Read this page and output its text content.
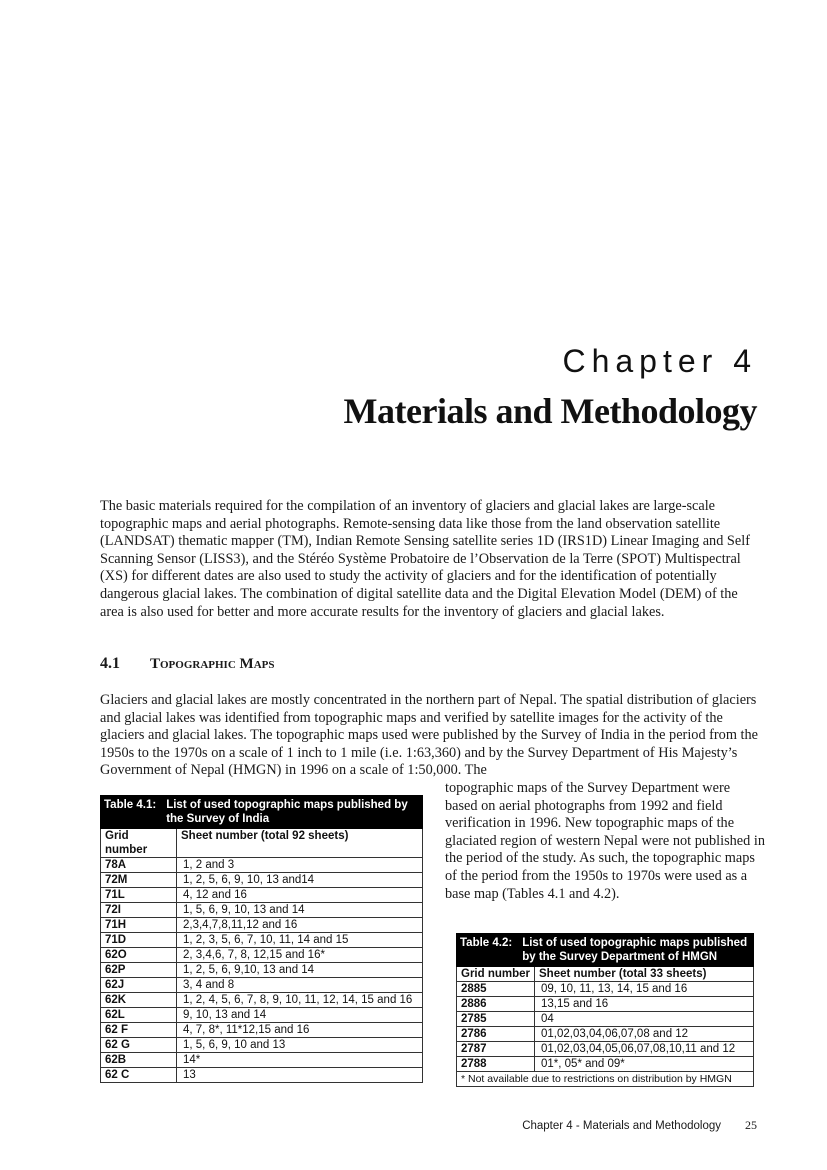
Chapter 4
Materials and Methodology

The basic materials required for the compilation of an inventory of glaciers and glacial lakes are large-scale topographic maps and aerial photographs. Remote-sensing data like those from the land observation satellite (LANDSAT) thematic mapper (TM), Indian Remote Sensing satellite series 1D (IRS1D) Linear Imaging and Self Scanning Sensor (LISS3), and the Stéréo Système Probatoire de l’Observation de la Terre (SPOT) Multispectral (XS) for different dates are also used to study the activity of glaciers and for the identification of potentially dangerous glacial lakes. The combination of digital satellite data and the Digital Elevation Model (DEM) of the area is also used for better and more accurate results for the inventory of glaciers and glacial lakes.

4.1 Topographic Maps

Glaciers and glacial lakes are mostly concentrated in the northern part of Nepal. The spatial distribution of glaciers and glacial lakes was identified from topographic maps and verified by satellite images for the activity of the glaciers and glacial lakes. The topographic maps used were published by the Survey of India in the period from the 1950s to the 1970s on a scale of 1 inch to 1 mile (i.e. 1:63,360) and by the Survey Department of His Majesty’s Government of Nepal (HMGN) in 1996 on a scale of 1:50,000. The

topographic maps of the Survey Department were based on aerial photographs from 1992 and field verification in 1996. New topographic maps of the glaciated region of western Nepal were not published in the period of the study. As such, the topographic maps of the period from the 1950s to 1970s were used as a base map (Tables 4.1 and 4.2).

Table 4.1: List of used topographic maps published by the Survey of India	

Grid number	Sheet number (total 92 sheets)
78A	1, 2 and 3
72M	1, 2, 5, 6, 9, 10, 13 and14
71L	4, 12 and 16
72I	1, 5, 6, 9, 10, 13 and 14
71H	2,3,4,7,8,11,12 and 16
71D	1, 2, 3, 5, 6, 7, 10, 11, 14 and 15
62O	2, 3,4,6, 7, 8, 12,15 and 16*
62P	1, 2, 5, 6, 9,10, 13 and 14
62J	3, 4 and 8
62K	1, 2, 4, 5, 6, 7, 8, 9, 10, 11, 12, 14, 15 and 16
62L	9, 10, 13 and 14
62 F	4, 7, 8*, 11*12,15 and 16
62 G	1, 5, 6, 9, 10 and 13
62B	14*
62 C	13
Table 4.2: List of used topographic maps published by the Survey Department of HMGN	

Grid number	Sheet number (total 33 sheets)
2885	09, 10, 11, 13, 14, 15 and 16
2886	13,15 and 16
2785	04
2786	01,02,03,04,06,07,08 and 12
2787	01,02,03,04,05,06,07,08,10,11 and 12
2788	01*, 05* and 09*
* Not available due to restrictions on distribution by HMGN	
Chapter 4 - Materials and Methodology 25
